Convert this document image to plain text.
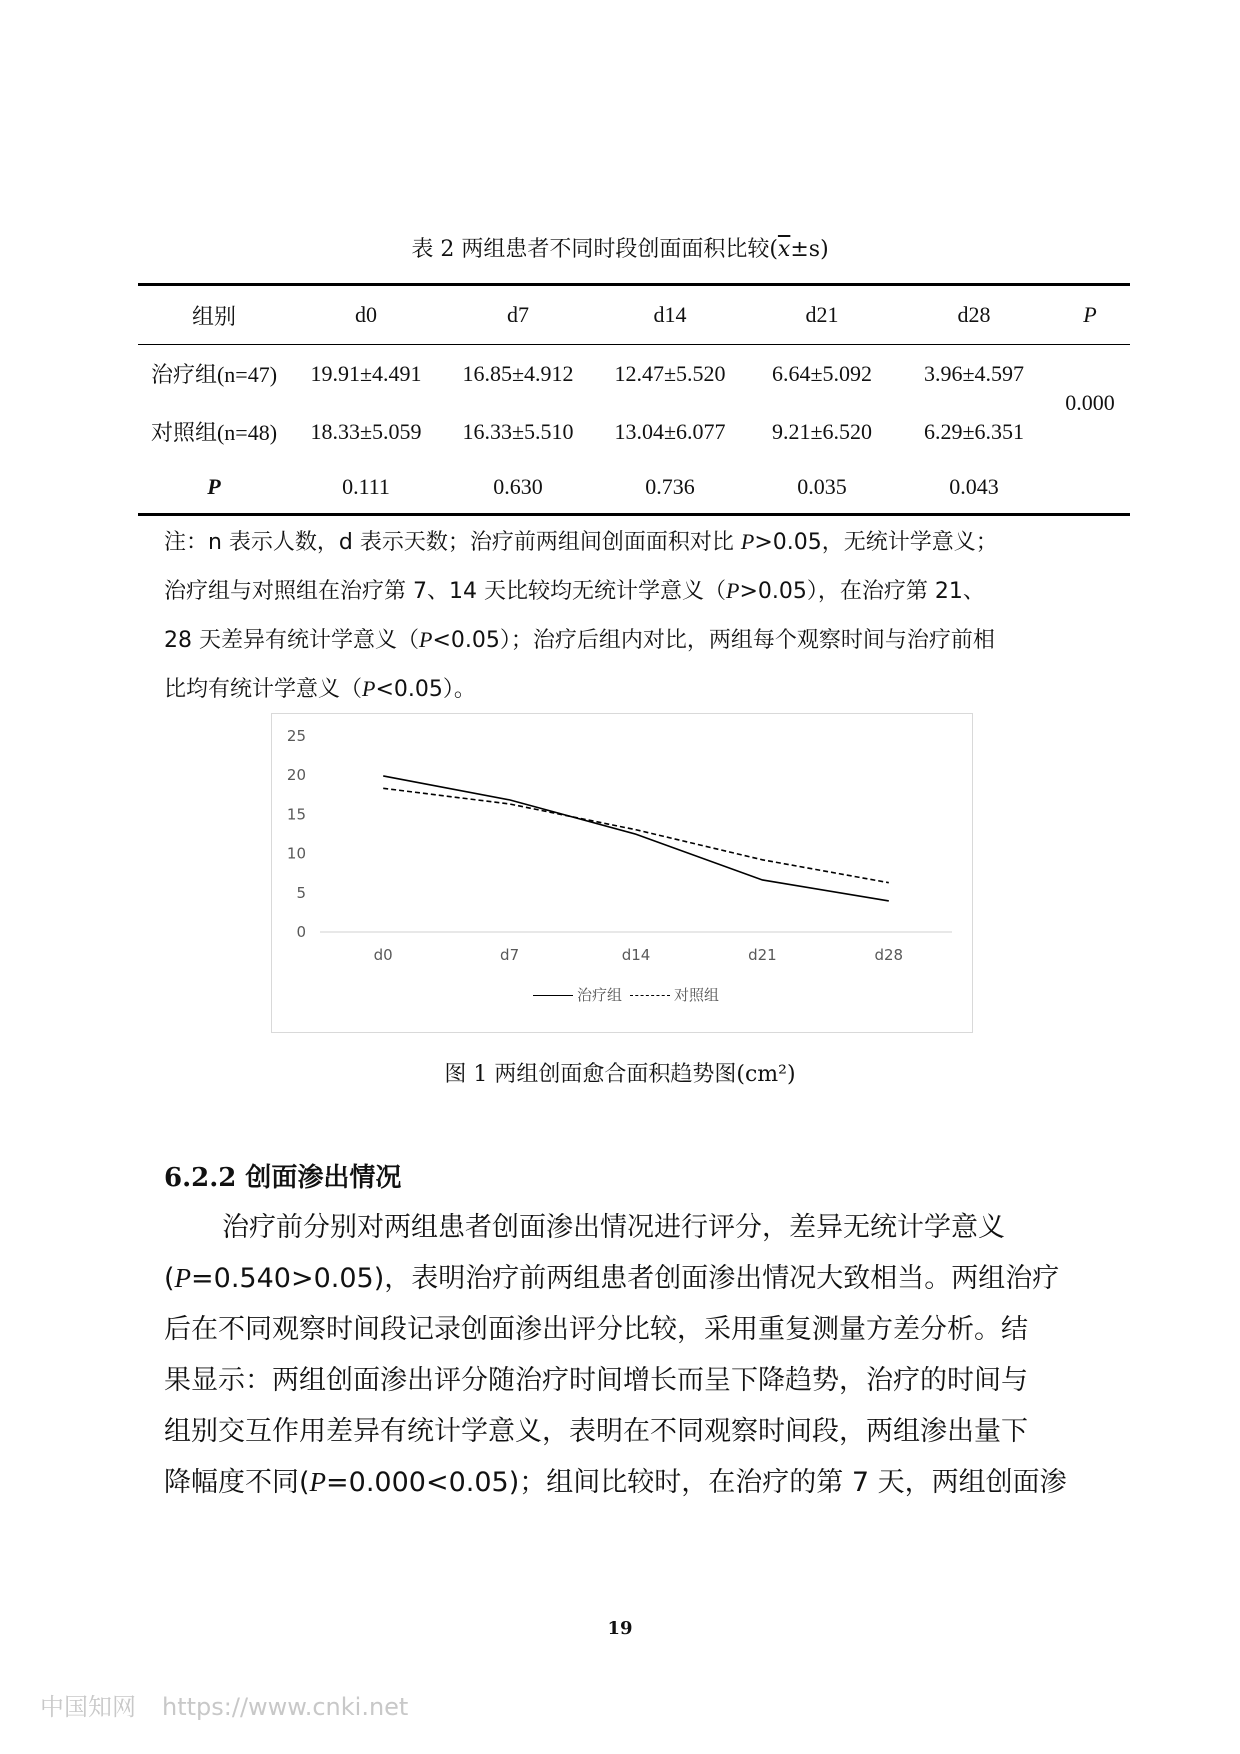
表 2 两组患者不同时段创面面积比较$(\overline{x}\pm s)$
组别	d0	d7	d14	d21	d28	P
治疗组(n=47)	19.91±4.491	16.85±4.912	12.47±5.520	6.64±5.092	3.96±4.597	0.000
对照组(n=48)	18.33±5.059	16.33±5.510	13.04±6.077	9.21±6.520	6.29±6.351	
P	0.111	0.630	0.736	0.035	0.043	

注：n 表示人数，d 表示天数；治疗前两组间创面面积对比 P>0.05，无统计学意义；

治疗组与对照组在治疗第 7、14 天比较均无统计学意义（P>0.05），在治疗第 21、

28 天差异有统计学意义（P<0.05）；治疗后组内对比，两组每个观察时间与治疗前相

比均有统计学意义（P<0.05）。

0
5
10
15
20
25
d0	d7	d14	d21	d28
治疗组	对照组
图 1 两组创面愈合面积趋势图(cm²)
6.2.2 创面渗出情况

治疗前分别对两组患者创面渗出情况进行评分，差异无统计学意义

(P=0.540>0.05)，表明治疗前两组患者创面渗出情况大致相当。两组治疗

后在不同观察时间段记录创面渗出评分比较，采用重复测量方差分析。结

果显示：两组创面渗出评分随治疗时间增长而呈下降趋势，治疗的时间与

组别交互作用差异有统计学意义，表明在不同观察时间段，两组渗出量下

降幅度不同(P=0.000<0.05)；组间比较时，在治疗的第 7 天，两组创面渗

19
中国知网 https://www.cnki.net
